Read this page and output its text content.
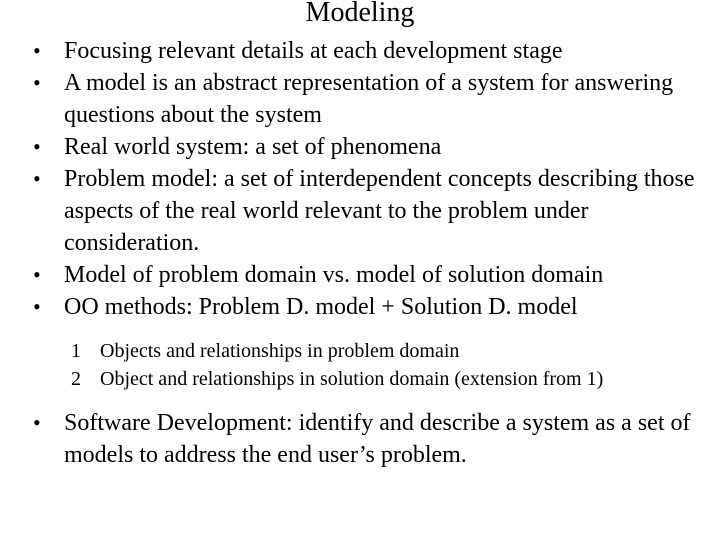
Modeling
• Focusing relevant details at each development stage
• A model is an abstract representation of a system for answering questions about the system
• Real world system: a set of phenomena
• Problem model: a set of interdependent concepts describing those aspects of the real world relevant to the problem under consideration.
• Model of problem domain vs. model of solution domain
• OO methods: Problem D. model + Solution D. model
1 Objects and relationships in problem domain
2 Object and relationships in solution domain (extension from 1)
• Software Development: identify and describe a system as a set of models to address the end user’s problem.
